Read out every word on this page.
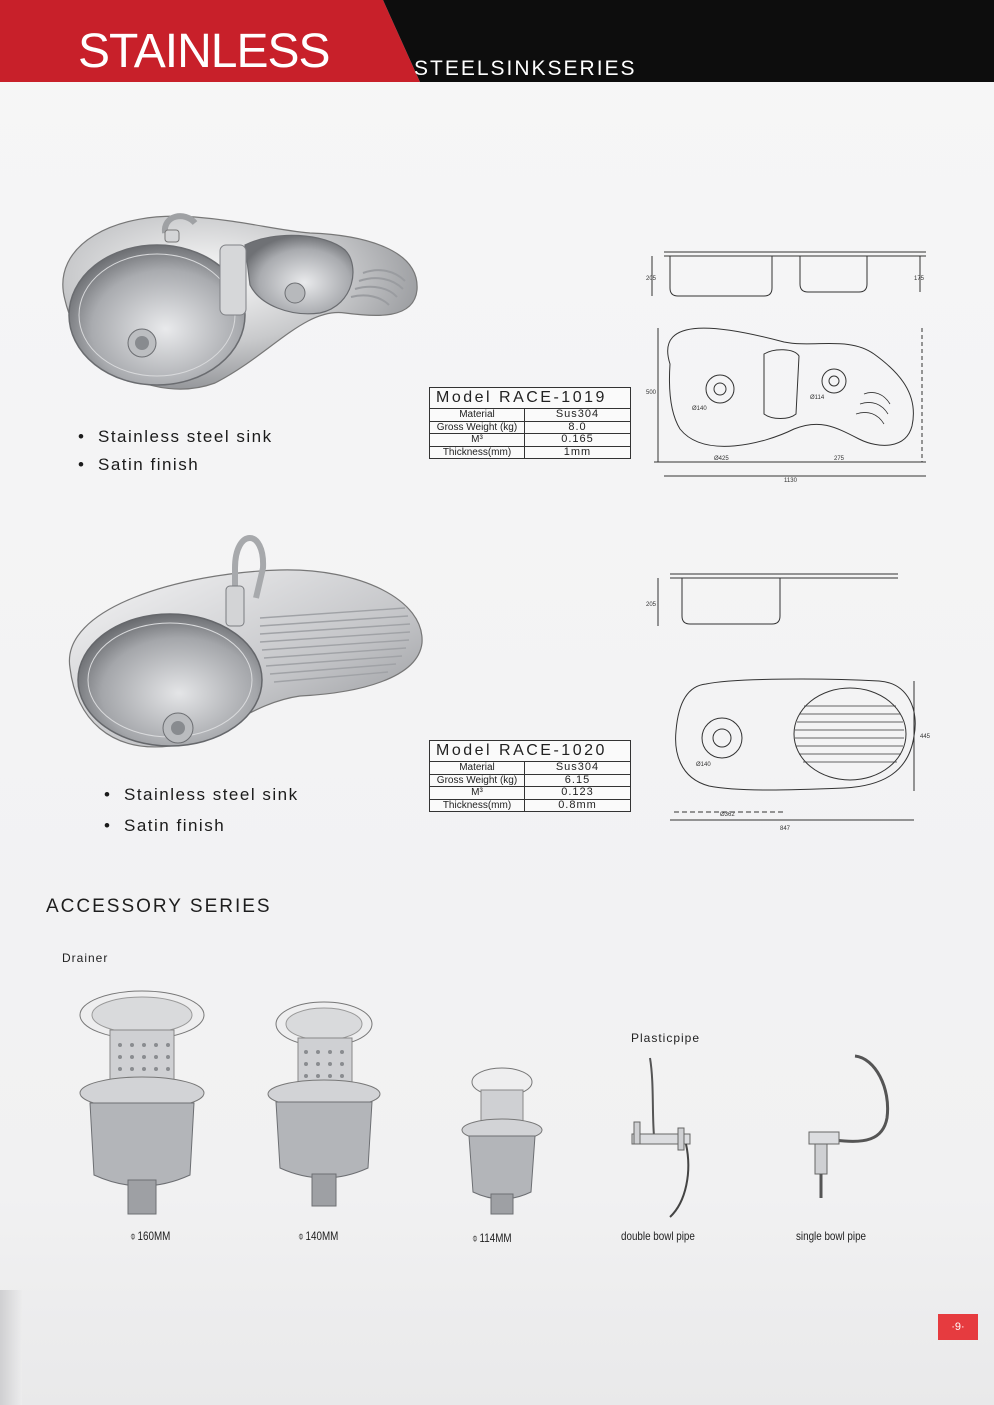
STAINLESS	STEELSINKSERIES
• Stainless steel sink
• Satin finish
Model RACE-1019
Material	Sus304
Gross Weight (kg)	8.0
M³	0.165
Thickness(mm)	1mm
205	175
500
Ø140
Ø114
Ø425	275
1130
• Stainless steel sink
• Satin finish
Model RACE-1020
Material	Sus304
Gross Weight (kg)	6.15
M³	0.123
Thickness(mm)	0.8mm
205
445
Ø140
Ø362
847
ACCESSORY SERIES
Drainer
Plasticpipe
⌽ 160MM	⌽ 140MM	⌽ 114MM	double bowl pipe	single bowl pipe
·9·
